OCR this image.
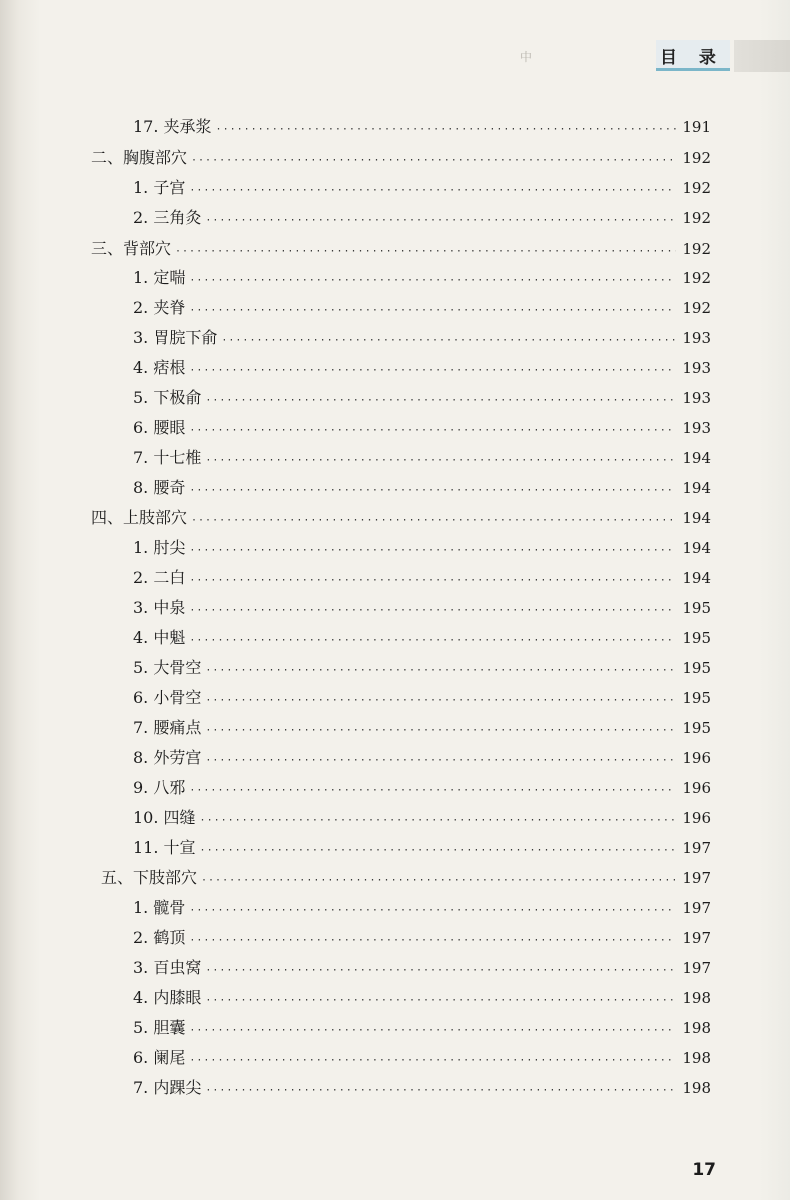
中	目 录
17. 夹承浆 ·····	191
二、胸腹部穴 ·····	192
1. 子宫 ·····	192
2. 三角灸 ·····	192
三、背部穴 ·····	192
1. 定喘 ·····	192
2. 夹脊 ·····	192
3. 胃脘下俞 ·····	193
4. 痞根 ·····	193
5. 下极俞 ·····	193
6. 腰眼 ·····	193
7. 十七椎 ·····	194
8. 腰奇 ·····	194
四、上肢部穴 ·····	194
1. 肘尖 ·····	194
2. 二白 ·····	194
3. 中泉 ·····	195
4. 中魁 ·····	195
5. 大骨空 ·····	195
6. 小骨空 ·····	195
7. 腰痛点 ·····	195
8. 外劳宫 ·····	196
9. 八邪 ·····	196
10. 四缝 ·····	196
11. 十宣 ·····	197
五、下肢部穴 ·····	197
1. 髋骨 ·····	197
2. 鹤顶 ·····	197
3. 百虫窝 ·····	197
4. 内膝眼 ·····	198
5. 胆囊 ·····	198
6. 阑尾 ·····	198
7. 内踝尖 ·····	198
17
